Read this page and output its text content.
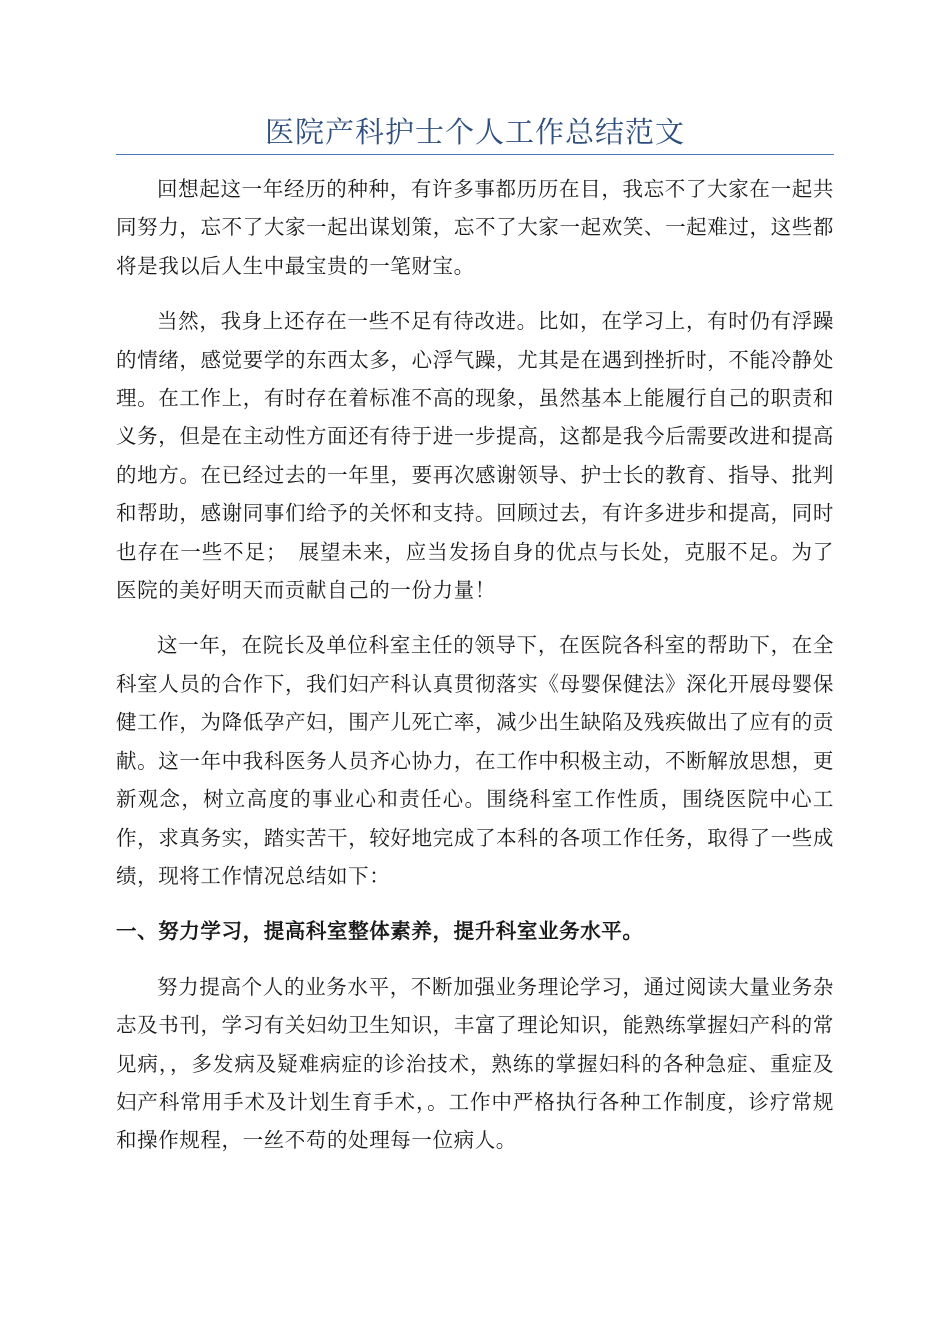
医院产科护士个人工作总结范文

回想起这一年经历的种种，有许多事都历历在目，我忘不了大家在一起共同努力，忘不了大家一起出谋划策，忘不了大家一起欢笑、一起难过，这些都将是我以后人生中最宝贵的一笔财宝。

当然，我身上还存在一些不足有待改进。比如，在学习上，有时仍有浮躁的情绪，感觉要学的东西太多，心浮气躁，尤其是在遇到挫折时，不能冷静处理。在工作上，有时存在着标准不高的现象，虽然基本上能履行自己的职责和义务，但是在主动性方面还有待于进一步提高，这都是我今后需要改进和提高的地方。在已经过去的一年里，要再次感谢领导、护士长的教育、指导、批判和帮助，感谢同事们给予的关怀和支持。回顾过去，有许多进步和提高，同时也存在一些不足；　展望未来，应当发扬自身的优点与长处，克服不足。为了医院的美好明天而贡献自己的一份力量！

这一年，在院长及单位科室主任的领导下，在医院各科室的帮助下，在全科室人员的合作下，我们妇产科认真贯彻落实《母婴保健法》深化开展母婴保健工作，为降低孕产妇，围产儿死亡率，减少出生缺陷及残疾做出了应有的贡献。这一年中我科医务人员齐心协力，在工作中积极主动，不断解放思想，更新观念，树立高度的事业心和责任心。围绕科室工作性质，围绕医院中心工作，求真务实，踏实苦干，较好地完成了本科的各项工作任务，取得了一些成绩，现将工作情况总结如下：

一、努力学习，提高科室整体素养，提升科室业务水平。

努力提高个人的业务水平，不断加强业务理论学习，通过阅读大量业务杂志及书刊，学习有关妇幼卫生知识，丰富了理论知识，能熟练掌握妇产科的常见病，，多发病及疑难病症的诊治技术，熟练的掌握妇科的各种急症、重症及妇产科常用手术及计划生育手术，。工作中严格执行各种工作制度，诊疗常规和操作规程，一丝不苟的处理每一位病人。
